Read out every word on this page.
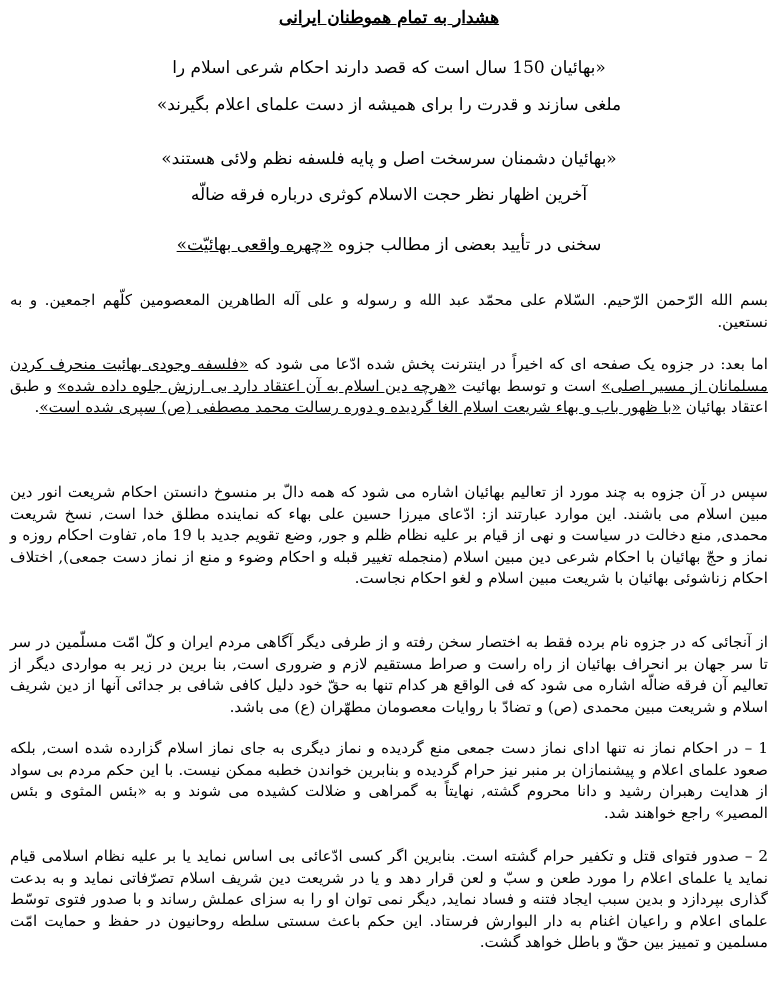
هشدار به تمام هموطنان ایرانی
«بهائیان 150 سال است که قصد دارند احکام شرعی اسلام را
ملغی سازند و قدرت را برای همیشه از دست علمای اعلام بگیرند»
«بهائیان دشمنان سرسخت اصل و پایه فلسفه نظم ولائی هستند»
آخرین اظهار نظر حجت الاسلام کوثری درباره فرقه ضالّه
سخنی در تأیید بعضی از مطالب جزوه «چهره واقعی بهائیّت»
بسم الله الرّحمن الرّحیم. السّلام علی محمّد عبد الله و رسوله و علی آله الطاهرین المعصومین کلّهم اجمعین. و به نستعین.
اما بعد: در جزوه یک صفحه ای که اخیراً در اینترنت پخش شده ادّعا می شود که «فلسفه وجودی بهائیت منحرف کردن مسلمانان از مسیر اصلی» است و توسط بهائیت «هرچه دین اسلام به آن اعتقاد دارد بی ارزش جلوه داده شده» و طبق اعتقاد بهائیان «با ظهور باب و بهاء شریعت اسلام الغا گردیده و دوره رسالت محمد مصطفی (ص) سپری شده است».
سپس در آن جزوه به چند مورد از تعالیم بهائیان اشاره می شود که همه دالّ بر منسوخ دانستن احکام شریعت انور دین مبین اسلام می باشند. این موارد عبارتند از: ادّعای میرزا حسین علی بهاء که نماینده مطلق خدا است, نسخ شریعت محمدی, منع دخالت در سیاست و نهی از قیام بر علیه نظام ظلم و جور, وضع تقویم جدید با 19 ماه, تفاوت احکام روزه و نماز و حجّ بهائیان با احکام شرعی دین مبین اسلام (منجمله تغییر قبله و احکام وضوء و منع از نماز دست جمعی), اختلاف احکام زناشوئی بهائیان با شریعت مبین اسلام و لغو احکام نجاست.
از آنجائی که در جزوه نام برده فقط به اختصار سخن رفته و از طرفی دیگر آگاهی مردم ایران و کلّ امّت مسلّمین در سر تا سر جهان بر انحراف بهائیان از راه راست و صراط مستقیم لازم و ضروری است, بنا برین در زیر به مواردی دیگر از تعالیم آن فرقه ضالّه اشاره می شود که فی الواقع هر کدام تنها به حقّ خود دلیل کافی شافی بر جدائی آنها از دین شریف اسلام و شریعت مبین محمدی (ص) و تضادّ با روایات معصومان مطهّران (ع) می باشد.
1 – در احکام نماز نه تنها ادای نماز دست جمعی منع گردیده و نماز دیگری به جای نماز اسلام گزارده شده است, بلکه صعود علمای اعلام و پیشنمازان بر منبر نیز حرام گردیده و بنابرین خواندن خطبه ممکن نیست. با این حکم مردم بی سواد از هدایت رهبران رشید و دانا محروم گشته, نهایتاً به گمراهی و ضلالت کشیده می شوند و به «بئس المثوی و بئس المصیر» راجع خواهند شد.
2 – صدور فتوای قتل و تکفیر حرام گشته است. بنابرین اگر کسی ادّعائی بی اساس نماید یا بر علیه نظام اسلامی قیام نماید یا علمای اعلام را مورد طعن و سبّ و لعن قرار دهد و یا در شریعت دین شریف اسلام تصرّفاتی نماید و به بدعت گذاری بپردازد و بدین سبب ایجاد فتنه و فساد نماید, دیگر نمی توان او را به سزای عملش رساند و با صدور فتوی توسّط علمای اعلام و راعیان اغنام به دار البوارش فرستاد. این حکم باعث سستی سلطه روحانیون در حفظ و حمایت امّت مسلمین و تمییز بین حقّ و باطل خواهد گشت.
